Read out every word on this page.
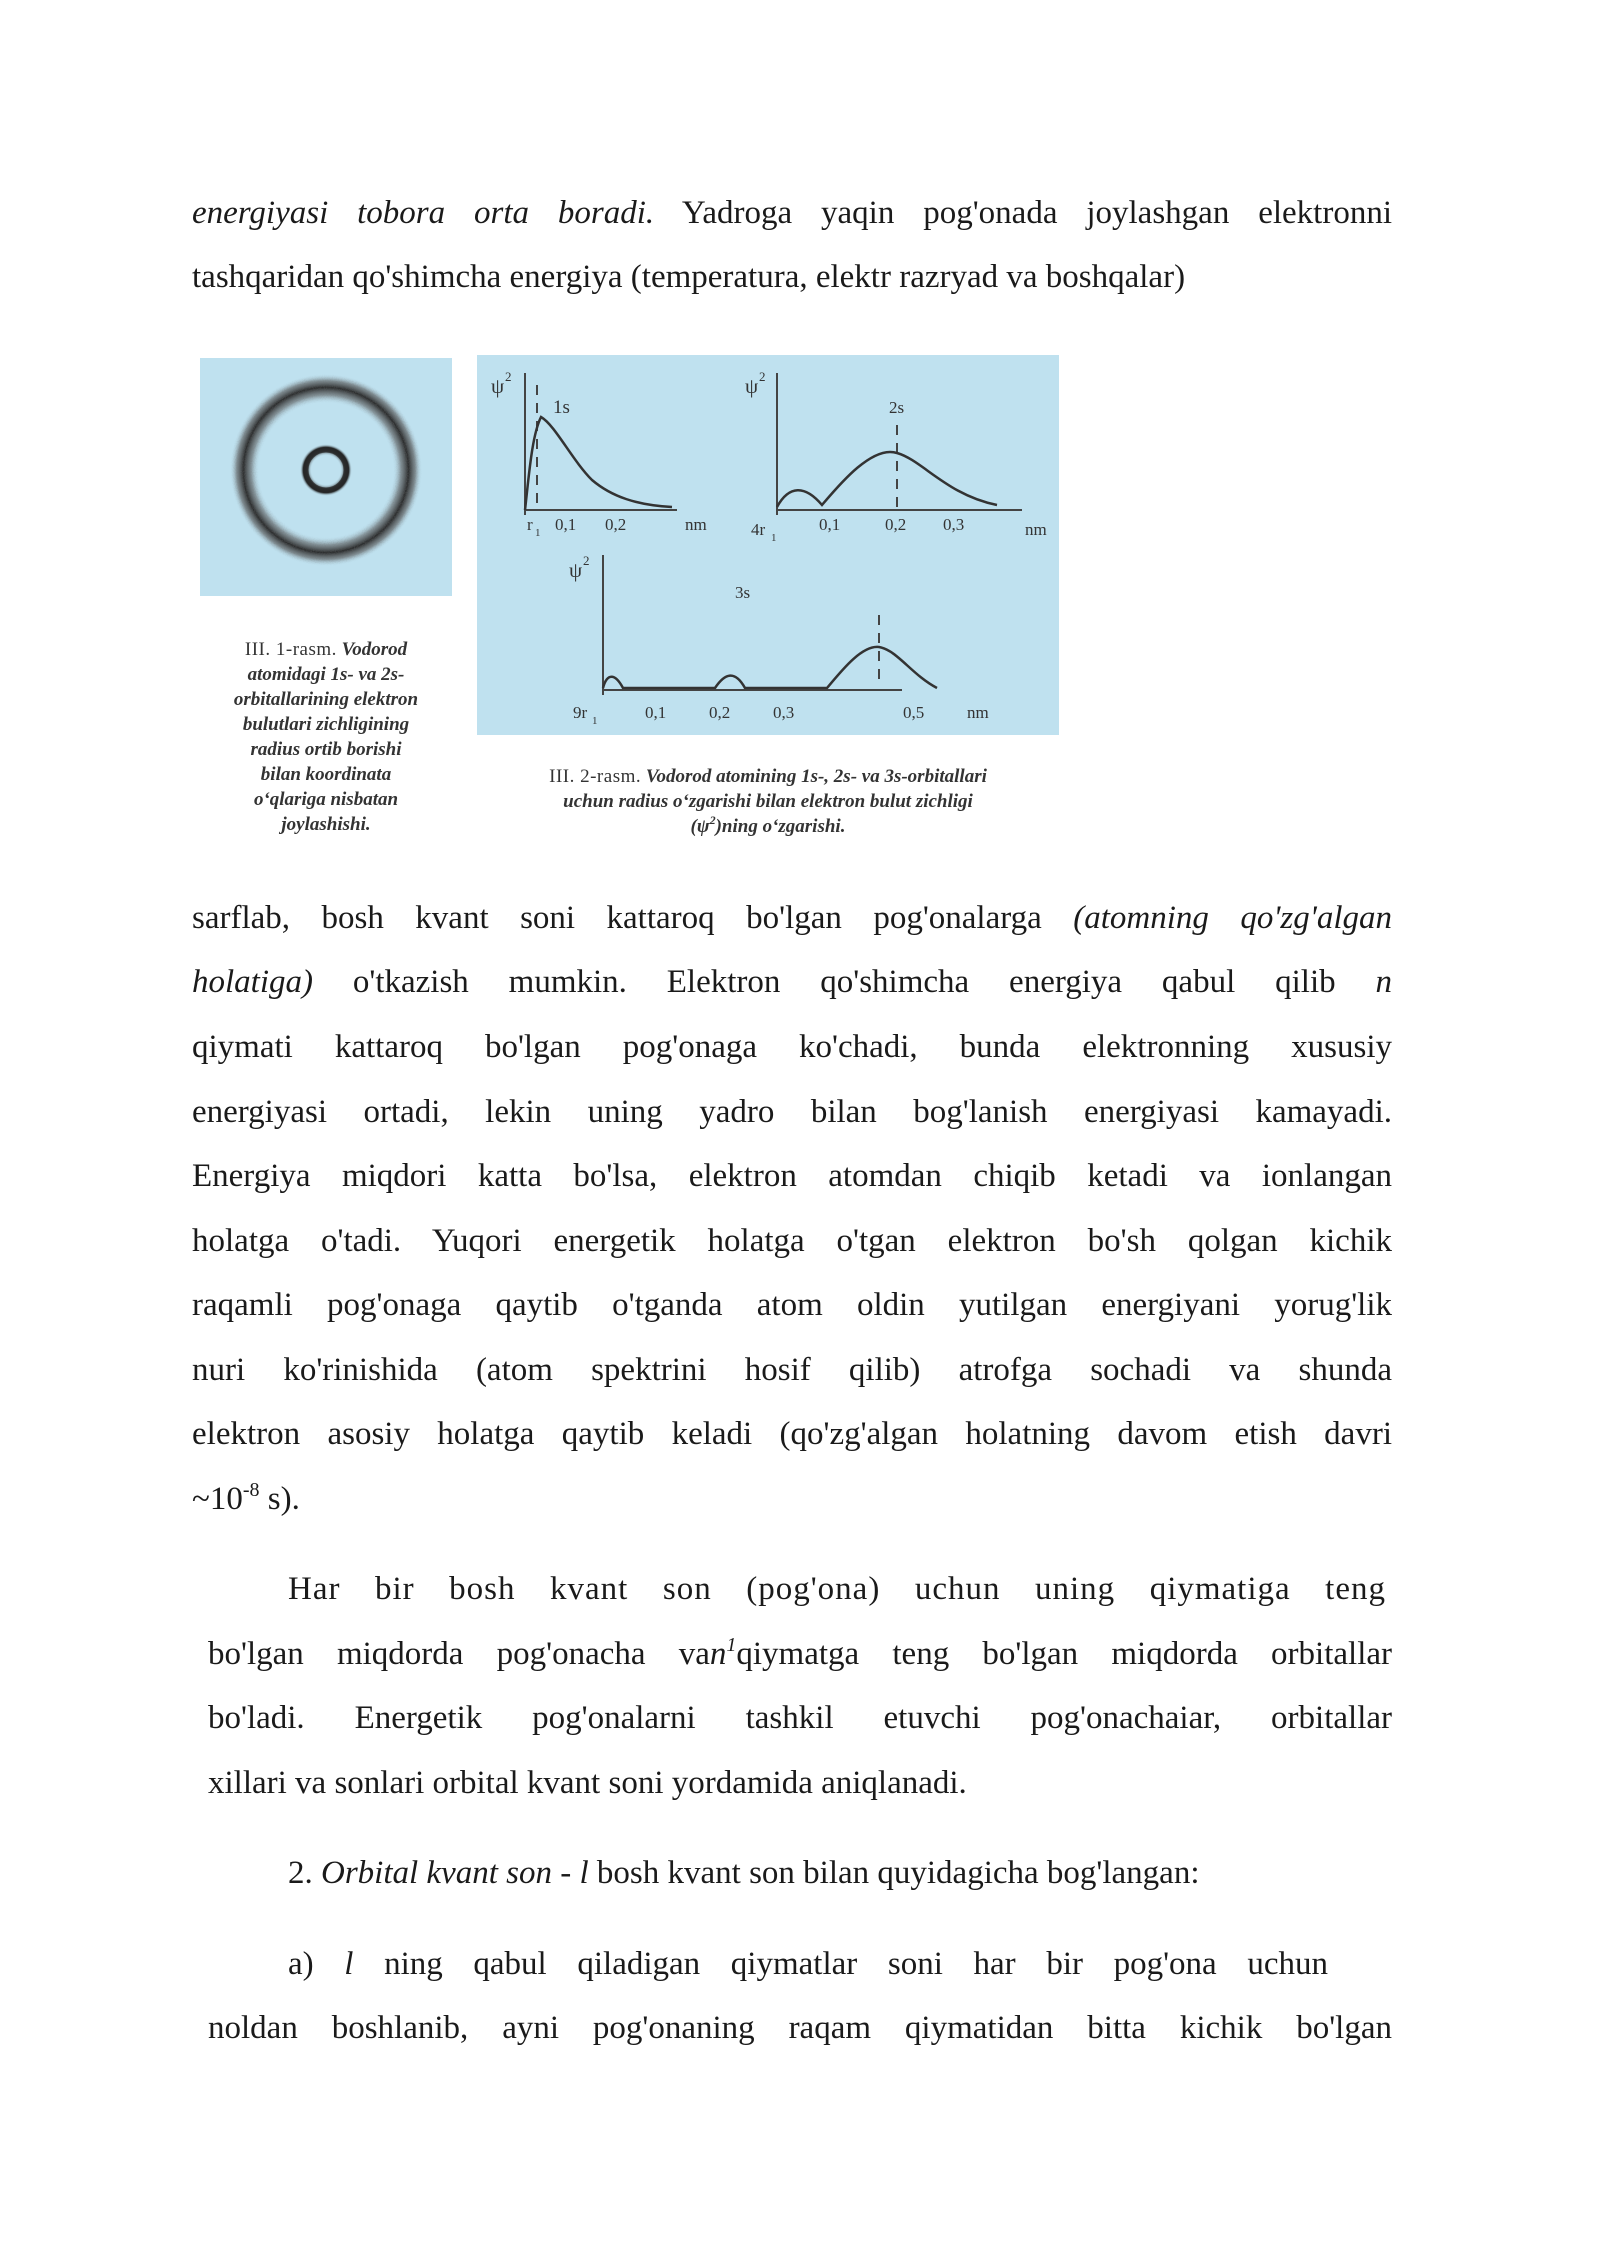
energiyasi tobora orta boradi. Yadroga yaqin pog'onada joylashgan elektronni
tashqaridan qo'shimcha energiya (temperatura, elektr razryad va boshqalar)
III. 1-rasm. Vodorod
atomidagi 1s- va 2s-
orbitallarining elektron
bulutlari zichligining
radius ortib borishi
bilan koordinata
o‘qlariga nisbatan
joylashishi.
ψ 2
1s
r 1 0,1 0,2	nm
ψ 2
2s
4r 1
0,1	0,2 0,3	nm
ψ 2
3s
9r 1	0,1	0,2	0,3	0,5	nm
III. 2-rasm. Vodorod atomining 1s-, 2s- va 3s-orbitallari
uchun radius o‘zgarishi bilan elektron bulut zichligi
$(\psi^2)ning$ o‘zgarishi.
sarflab, bosh kvant soni kattaroq bo'lgan pog'onalarga (atomning qo'zg'algan
holatiga) o'tkazish mumkin. Elektron qo'shimcha energiya qabul qilib n
qiymati kattaroq bo'lgan pog'onaga ko'chadi, bunda elektronning xususiy
energiyasi ortadi, lekin uning yadro bilan bog'lanish energiyasi kamayadi.
Energiya miqdori katta bo'lsa, elektron atomdan chiqib ketadi va ionlangan
holatga o'tadi. Yuqori energetik holatga o'tgan elektron bo'sh qolgan kichik
raqamli pog'onaga qaytib o'tganda atom oldin yutilgan energiyani yorug'lik
nuri ko'rinishida (atom spektrini hosif qilib) atrofga sochadi va shunda
elektron asosiy holatga qaytib keladi (qo'zg'algan holatning davom etish davri
$\sim 10^{-8}$ s).
Har bir bosh kvant son (pog'ona) uchun uning qiymatiga teng
bo'lgan miqdorda pog'onacha van$^1$qiymatga teng bo'lgan miqdorda orbitallar
bo'ladi. Energetik pog'onalarni tashkil etuvchi pog'onachaiar, orbitallar
xillari va sonlari orbital kvant soni yordamida aniqlanadi.
2. Orbital kvant son - l bosh kvant son bilan quyidagicha bog'langan:
a) l ning qabul qiladigan qiymatlar soni har bir pog'ona uchun
noldan boshlanib, ayni pog'onaning raqam qiymatidan bitta kichik bo'lgan
